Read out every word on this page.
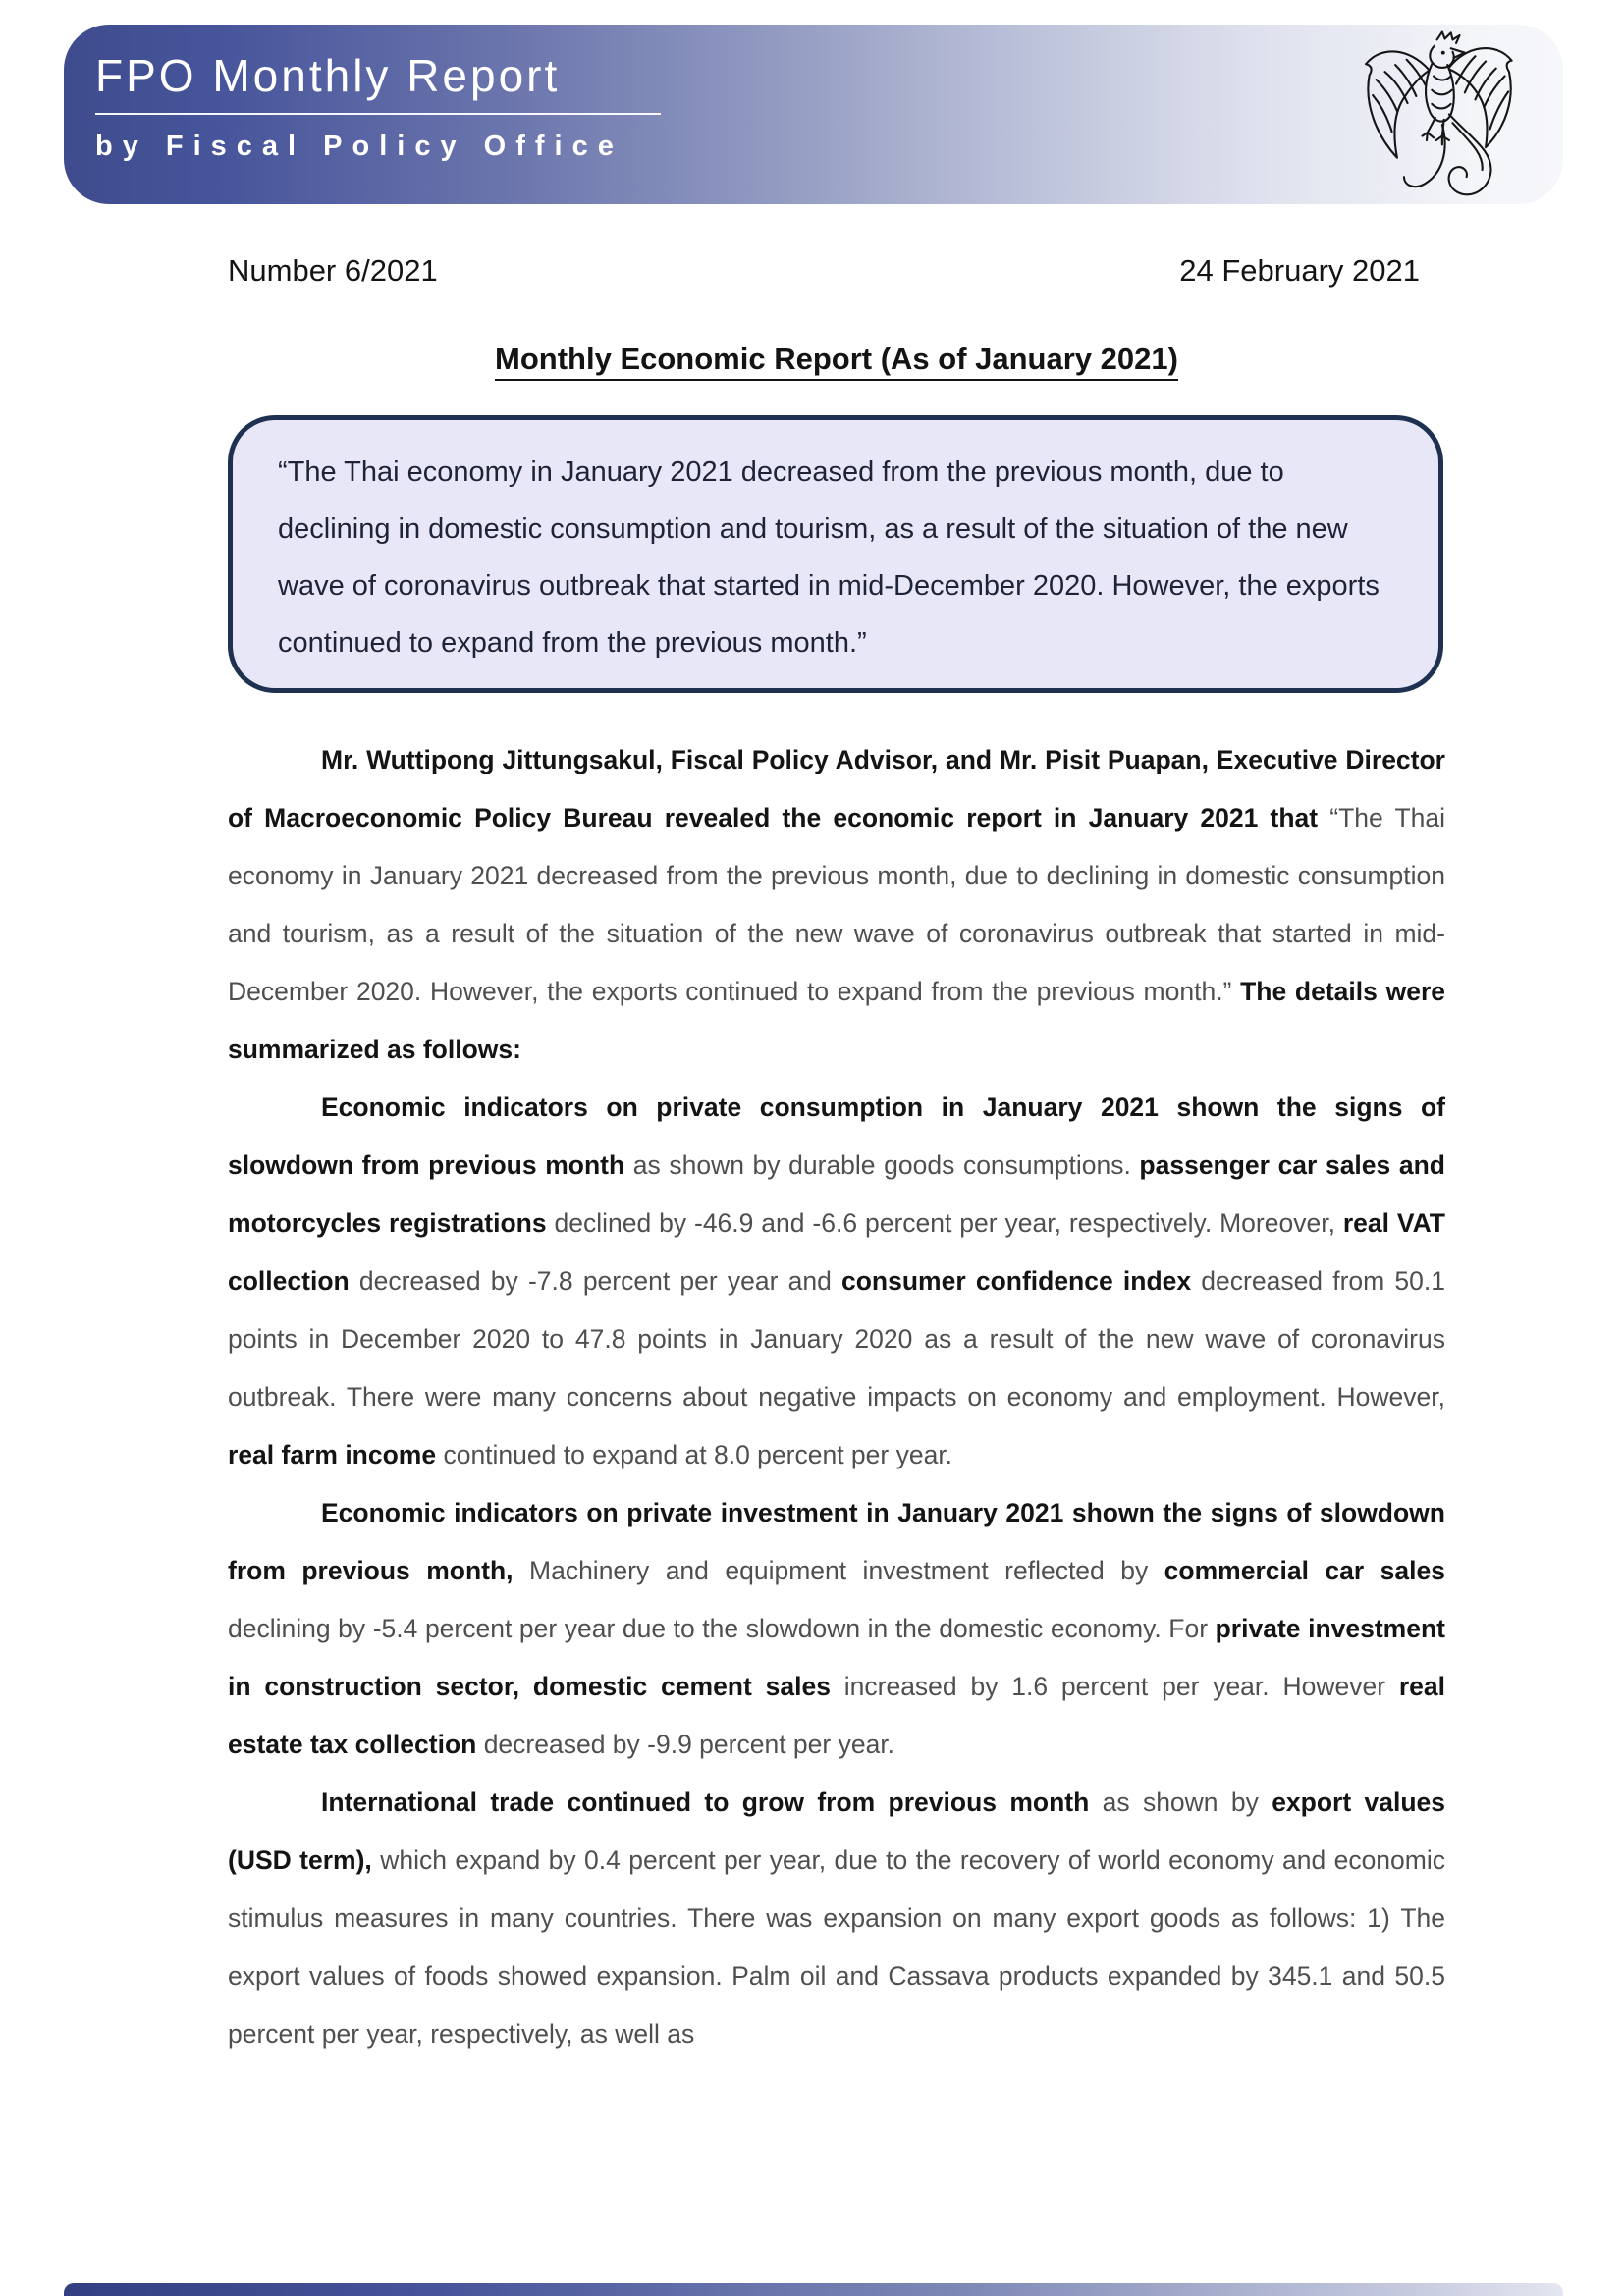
FPO Monthly Report
by Fiscal Policy Office
Number 6/2021	24 February 2021
Monthly Economic Report (As of January 2021)

“The Thai economy in January 2021 decreased from the previous month, due to declining in domestic consumption and tourism, as a result of the situation of the new wave of coronavirus outbreak that started in mid-December 2020. However, the exports continued to expand from the previous month.”

Mr. Wuttipong Jittungsakul, Fiscal Policy Advisor, and Mr. Pisit Puapan, Executive Director of Macroeconomic Policy Bureau revealed the economic report in January 2021 that “The Thai economy in January 2021 decreased from the previous month, due to declining in domestic consumption and tourism, as a result of the situation of the new wave of coronavirus outbreak that started in mid-December 2020. However, the exports continued to expand from the previous month.” The details were summarized as follows:

Economic indicators on private consumption in January 2021 shown the signs of slowdown from previous month as shown by durable goods consumptions. passenger car sales and motorcycles registrations declined by -46.9 and -6.6 percent per year, respectively. Moreover, real VAT collection decreased by -7.8 percent per year and consumer confidence index decreased from 50.1 points in December 2020 to 47.8 points in January 2020 as a result of the new wave of coronavirus outbreak. There were many concerns about negative impacts on economy and employment. However, real farm income continued to expand at 8.0 percent per year.

Economic indicators on private investment in January 2021 shown the signs of slowdown from previous month, Machinery and equipment investment reflected by commercial car sales declining by -5.4 percent per year due to the slowdown in the domestic economy. For private investment in construction sector, domestic cement sales increased by 1.6 percent per year. However real estate tax collection decreased by -9.9 percent per year.

International trade continued to grow from previous month as shown by export values (USD term), which expand by 0.4 percent per year, due to the recovery of world economy and economic stimulus measures in many countries. There was expansion on many export goods as follows: 1) The export values of foods showed expansion. Palm oil and Cassava products expanded by 345.1 and 50.5 percent per year, respectively, as well as
